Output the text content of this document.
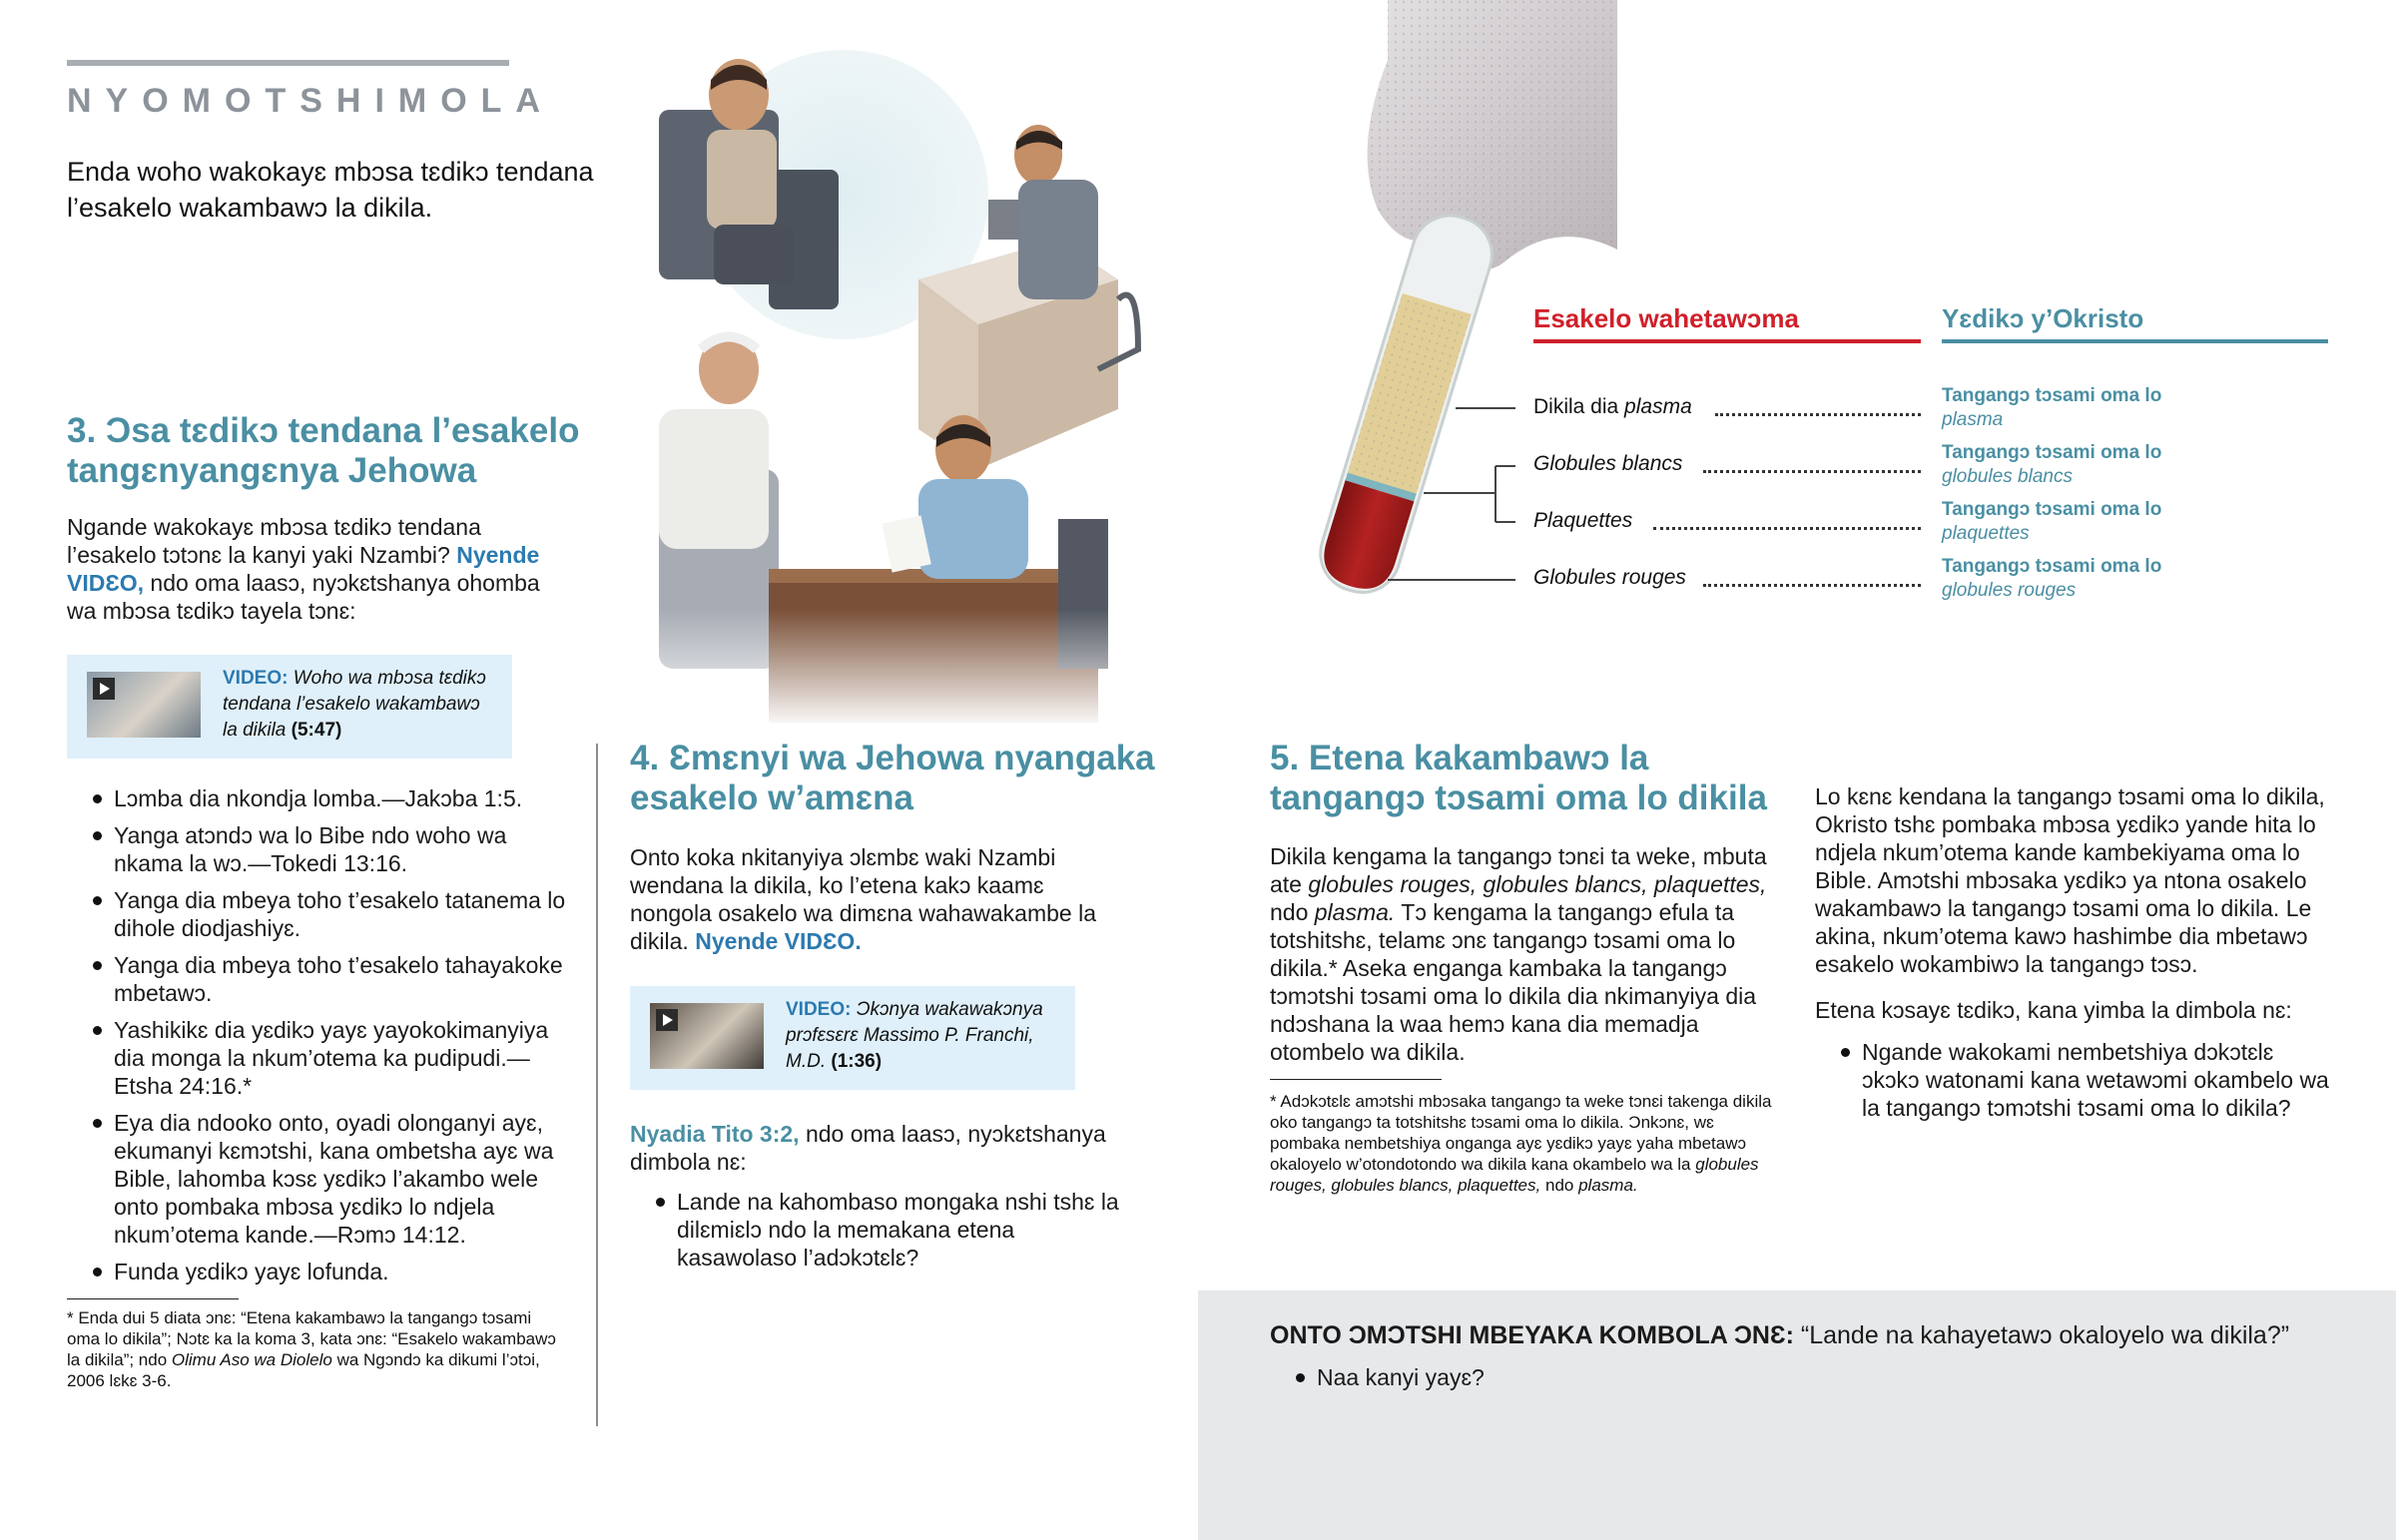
NYOMOTSHIMOLA
Enda woho wakokayɛ mbɔsa tɛdikɔ tendana l’esakelo wakambawɔ la dikila.
3. Ɔsa tɛdikɔ tendana l’esakelo tangɛnyangɛnya Jehowa
Ngande wakokayɛ mbɔsa tɛdikɔ tendana l’esakelo tɔtɔnɛ la kanyi yaki Nzambi? Nyende VIDƐO, ndo oma laasɔ, nyɔkɛtshanya ohomba wa mbɔsa tɛdikɔ tayela tɔnɛ:
VIDEO: Woho wa mbɔsa tɛdikɔ tendana l’esakelo wakambawɔ la dikila (5:47)
Lɔmba dia nkondja lomba.—Jakɔba 1:5.
Yanga atɔndɔ wa lo Bibe ndo woho wa nkama la wɔ.—Tokedi 13:16.
Yanga dia mbeya toho t’esakelo tatanema lo dihole diodjashiyɛ.
Yanga dia mbeya toho t’esakelo tahayakoke mbetawɔ.
Yashikikɛ dia yɛdikɔ yayɛ yayokokimanyiya dia monga la nkum’otema ka pudipudi.—Etsha 24:16.*
Eya dia ndooko onto, oyadi olonganyi ayɛ, ekumanyi kɛmɔtshi, kana ombetsha ayɛ wa Bible, lahomba kɔsɛ yɛdikɔ l’akambo wele onto pombaka mbɔsa yɛdikɔ lo ndjela nkum’otema kande.—Rɔmɔ 14:12.
Funda yɛdikɔ yayɛ lofunda.
* Enda dui 5 diata ɔnɛ: “Etena kakambawɔ la tangangɔ tɔsami oma lo dikila”; Nɔtɛ ka la koma 3, kata ɔnɛ: “Esakelo wakambawɔ la dikila”; ndo Olimu Aso wa Diolelo wa Ngɔndɔ ka dikumi l’ɔtɔi, 2006 lɛkɛ 3-6.
4. Ɛmɛnyi wa Jehowa nyangaka esakelo w’amɛna
Onto koka nkitanyiya ɔlɛmbɛ waki Nzambi wendana la dikila, ko l’etena kakɔ kaamɛ nongola osakelo wa dimɛna wahawakambe la dikila. Nyende VIDƐO.
VIDEO: Ɔkɔnya wakawakɔnya prɔfɛsɛrɛ Massimo P. Franchi, M.D. (1:36)
Nyadia Tito 3:2, ndo oma laasɔ, nyɔkɛtshanya dimbola nɛ:
Lande na kahombaso mongaka nshi tshɛ la dilɛmiɛlɔ ndo la memakana etena kasawolaso l’adɔkɔtɛlɛ?
Esakelo wahetawɔma	Yɛdikɔ y’Okristo
Dikila dia plasma	Tangangɔ tɔsami oma lo plasma
Globules blancs	Tangangɔ tɔsami oma lo globules blancs
Plaquettes	Tangangɔ tɔsami oma lo plaquettes
Globules rouges	Tangangɔ tɔsami oma lo globules rouges
5. Etena kakambawɔ la tangangɔ tɔsami oma lo dikila
Dikila kengama la tangangɔ tɔnɛi ta weke, mbuta ate globules rouges, globules blancs, plaquettes, ndo plasma. Tɔ kengama la tangangɔ efula ta totshitshɛ, telamɛ ɔnɛ tangangɔ tɔsami oma lo dikila.* Aseka enganga kambaka la tangangɔ tɔmɔtshi tɔsami oma lo dikila dia nkimanyiya dia ndɔshana la waa hemɔ kana dia memadja otombelo wa dikila.
* Adɔkɔtɛlɛ amɔtshi mbɔsaka tangangɔ ta weke tɔnɛi takenga dikila oko tangangɔ ta totshitshɛ tɔsami oma lo dikila. Ɔnkɔnɛ, wɛ pombaka nembetshiya onganga ayɛ yɛdikɔ yayɛ yaha mbetawɔ okaloyelo w’otondotondo wa dikila kana okambelo wa la globules rouges, globules blancs, plaquettes, ndo plasma.
Lo kɛnɛ kendana la tangangɔ tɔsami oma lo dikila, Okristo tshɛ pombaka mbɔsa yɛdikɔ yande hita lo ndjela nkum’otema kande kambekiyama oma lo Bible. Amɔtshi mbɔsaka yɛdikɔ ya ntona osakelo wakambawɔ la tangangɔ tɔsami oma lo dikila. Le akina, nkum’otema kawɔ hashimbe dia mbetawɔ esakelo wokambiwɔ la tangangɔ tɔsɔ.
Etena kɔsayɛ tɛdikɔ, kana yimba la dimbola nɛ:
Ngande wakokami nembetshiya dɔkɔtɛlɛ ɔkɔkɔ watonami kana wetawɔmi okambelo wa la tangangɔ tɔmɔtshi tɔsami oma lo dikila?
ONTO ƆMƆTSHI MBEYAKA KOMBOLA ƆNƐ: “Lande na kahayetawɔ okaloyelo wa dikila?”
Naa kanyi yayɛ?
